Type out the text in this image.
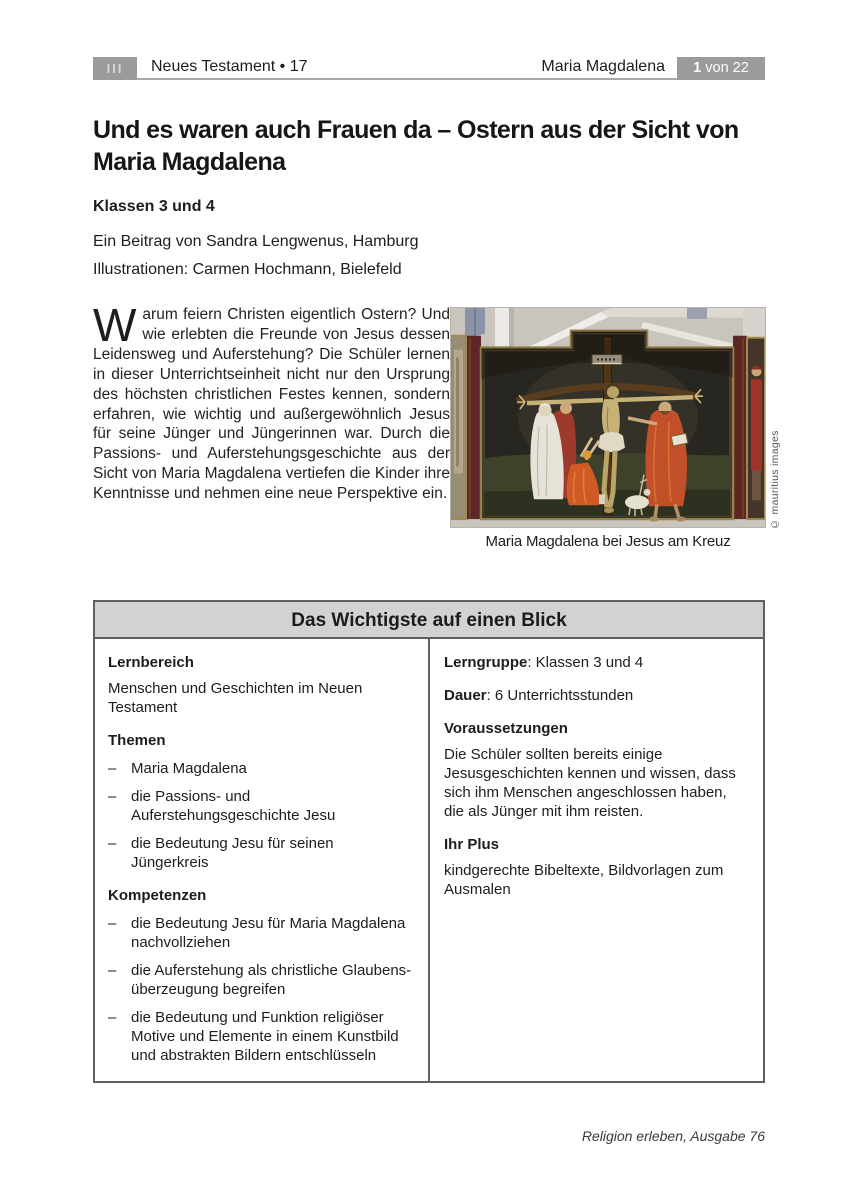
III	Neues Testament • 17	Maria Magdalena	1 von 22
Und es waren auch Frauen da – Ostern aus der Sicht von
Maria Magdalena
Klassen 3 und 4
Ein Beitrag von Sandra Lengwenus, Hamburg
Illustrationen: Carmen Hochmann, Bielefeld
Warum feiern Christen eigentlich Ostern? Und wie erlebten die Freunde von Jesus dessen Leidensweg und Auferstehung? Die Schüler lernen in dieser Unterrichtseinheit nicht nur den Ursprung des höchsten christlichen Festes kennen, sondern erfahren, wie wichtig und außergewöhnlich Jesus für seine Jünger und Jüngerinnen war. Durch die Passions- und Auferstehungsgeschichte aus der Sicht von Maria Magdalena vertiefen die Kinder ihre Kenntnisse und nehmen eine neue Perspektive ein.
Maria Magdalena bei Jesus am Kreuz
© mauritius images
Das Wichtigste auf einen Blick
Lernbereich
Menschen und Geschichten im Neuen Testament
Themen
– Maria Magdalena
– die Passions- und Auferstehungsgeschichte Jesu
– die Bedeutung Jesu für seinen Jüngerkreis
Kompetenzen
– die Bedeutung Jesu für Maria Magdalena nachvollziehen
– die Auferstehung als christliche Glaubensüberzeugung begreifen
– die Bedeutung und Funktion religiöser Motive und Elemente in einem Kunstbild und abstrakten Bildern entschlüsseln
Lerngruppe: Klassen 3 und 4
Dauer: 6 Unterrichtsstunden
Voraussetzungen
Die Schüler sollten bereits einige Jesusgeschichten kennen und wissen, dass sich ihm Menschen angeschlossen haben, die als Jünger mit ihm reisten.
Ihr Plus
kindgerechte Bibeltexte, Bildvorlagen zum Ausmalen
Religion erleben, Ausgabe 76
